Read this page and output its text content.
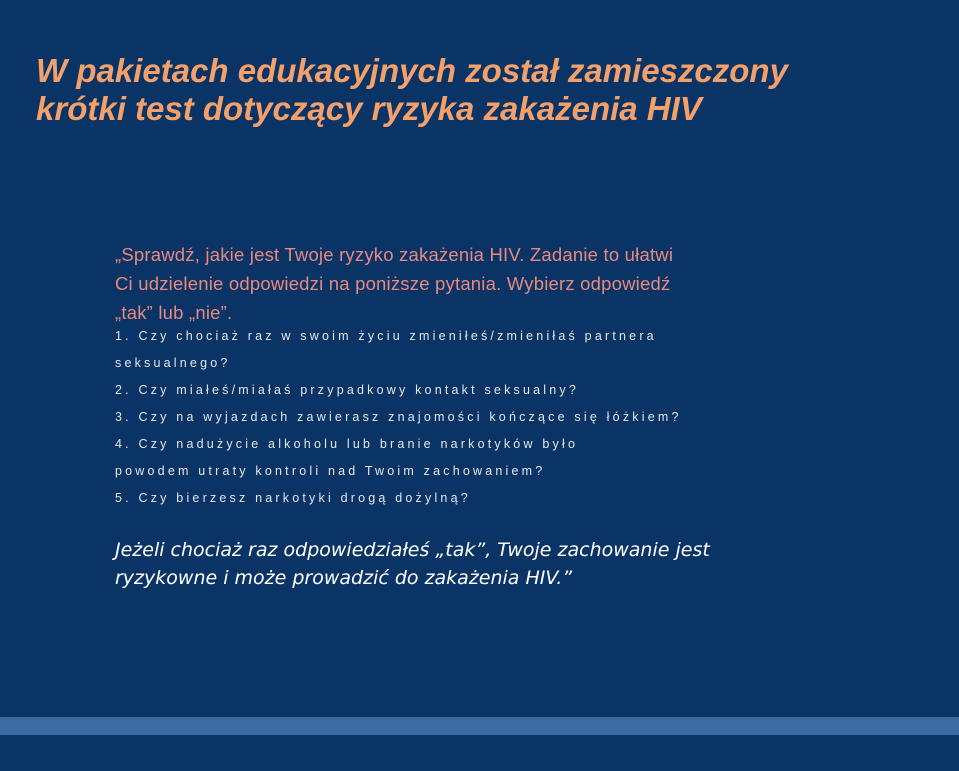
W pakietach edukacyjnych został zamieszczony
krótki test dotyczący ryzyka zakażenia HIV
„Sprawdź, jakie jest Twoje ryzyko zakażenia HIV. Zadanie to ułatwi
Ci udzielenie odpowiedzi na poniższe pytania. Wybierz odpowiedź
„tak” lub „nie”.
1. Czy chociaż raz w swoim życiu zmieniłeś/zmieniłaś partnera
seksualnego?
2. Czy miałeś/miałaś przypadkowy kontakt seksualny?
3. Czy na wyjazdach zawierasz znajomości kończące się łóżkiem?
4. Czy nadużycie alkoholu lub branie narkotyków było
powodem utraty kontroli nad Twoim zachowaniem?
5. Czy bierzesz narkotyki drogą dożylną?
Jeżeli chociaż raz odpowiedziałeś „tak”, Twoje zachowanie jest
ryzykowne i może prowadzić do zakażenia HIV.”
